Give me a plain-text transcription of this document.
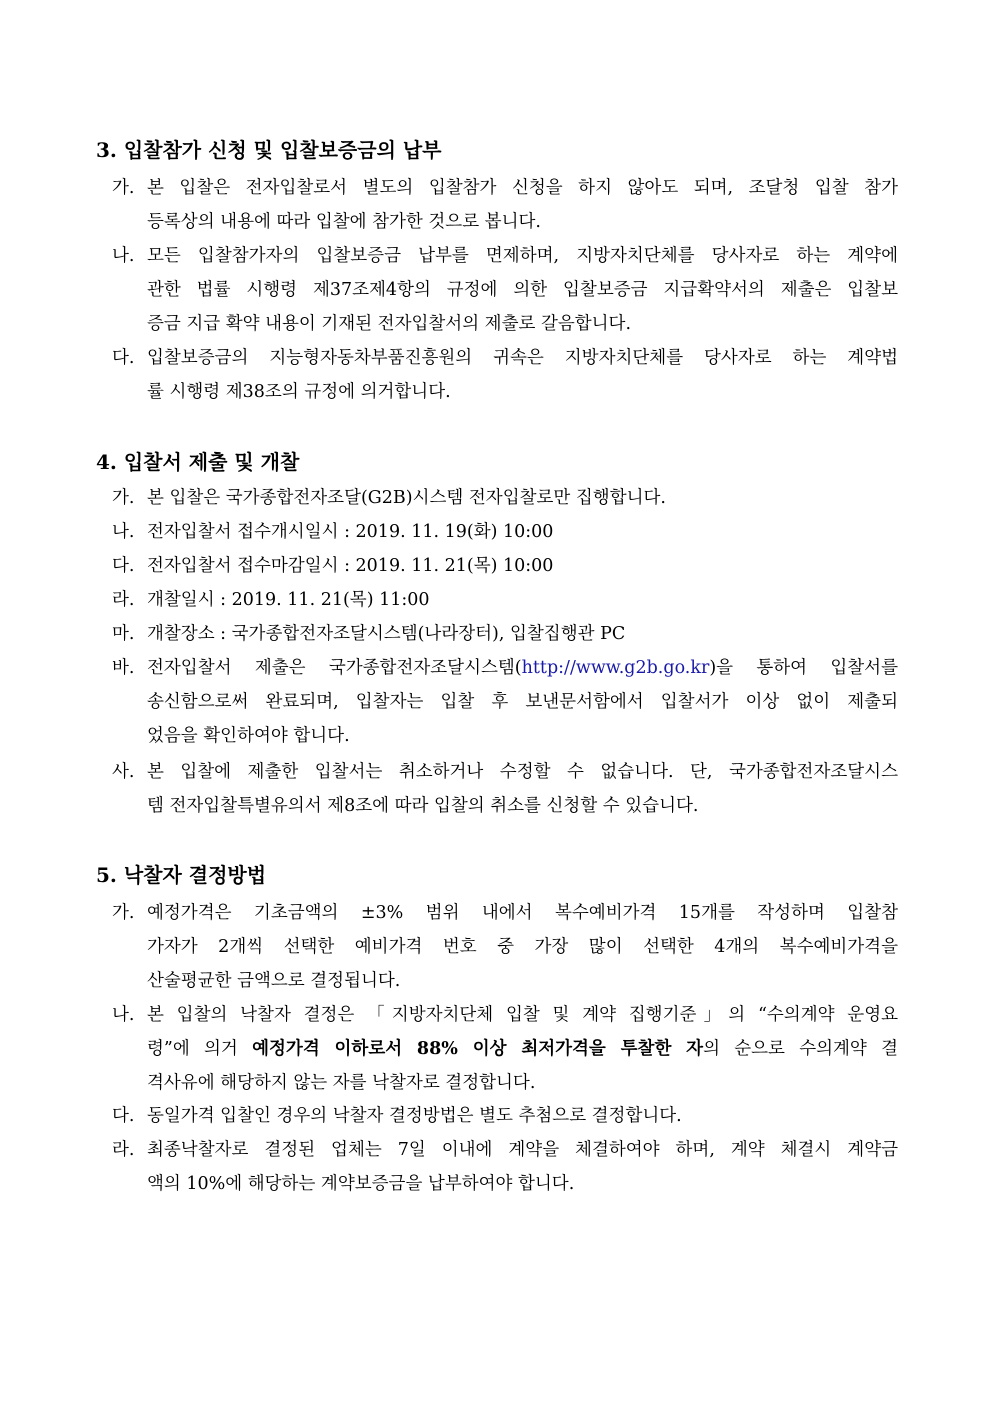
3. 입찰참가 신청 및 입찰보증금의 납부
가. 본 입찰은 전자입찰로서 별도의 입찰참가 신청을 하지 않아도 되며, 조달청 입찰 참가
등록상의 내용에 따라 입찰에 참가한 것으로 봅니다.
나. 모든 입찰참가자의 입찰보증금 납부를 면제하며, 지방자치단체를 당사자로 하는 계약에
관한 법률 시행령 제37조제4항의 규정에 의한 입찰보증금 지급확약서의 제출은 입찰보
증금 지급 확약 내용이 기재된 전자입찰서의 제출로 갈음합니다.
다. 입찰보증금의 지능형자동차부품진흥원의 귀속은 지방자치단체를 당사자로 하는 계약법
률 시행령 제38조의 규정에 의거합니다.
4. 입찰서 제출 및 개찰
가. 본 입찰은 국가종합전자조달(G2B)시스템 전자입찰로만 집행합니다.
나. 전자입찰서 접수개시일시 : 2019. 11. 19(화) 10:00
다. 전자입찰서 접수마감일시 : 2019. 11. 21(목) 10:00
라. 개찰일시 : 2019. 11. 21(목) 11:00
마. 개찰장소 : 국가종합전자조달시스템(나라장터), 입찰집행관 PC
바. 전자입찰서 제출은 국가종합전자조달시스템(http://www.g2b.go.kr)을 통하여 입찰서를
송신함으로써 완료되며, 입찰자는 입찰 후 보낸문서함에서 입찰서가 이상 없이 제출되
었음을 확인하여야 합니다.
사. 본 입찰에 제출한 입찰서는 취소하거나 수정할 수 없습니다. 단, 국가종합전자조달시스
템 전자입찰특별유의서 제8조에 따라 입찰의 취소를 신청할 수 있습니다.
5. 낙찰자 결정방법
가. 예정가격은 기초금액의 ±3% 범위 내에서 복수예비가격 15개를 작성하며 입찰참
가자가 2개씩 선택한 예비가격 번호 중 가장 많이 선택한 4개의 복수예비가격을
산술평균한 금액으로 결정됩니다.
나. 본 입찰의 낙찰자 결정은 「지방자치단체 입찰 및 계약 집행기준」의 “수의계약 운영요
령”에 의거 예정가격 이하로서 88% 이상 최저가격을 투찰한 자의 순으로 수의계약 결
격사유에 해당하지 않는 자를 낙찰자로 결정합니다.
다. 동일가격 입찰인 경우의 낙찰자 결정방법은 별도 추첨으로 결정합니다.
라. 최종낙찰자로 결정된 업체는 7일 이내에 계약을 체결하여야 하며, 계약 체결시 계약금
액의 10%에 해당하는 계약보증금을 납부하여야 합니다.
